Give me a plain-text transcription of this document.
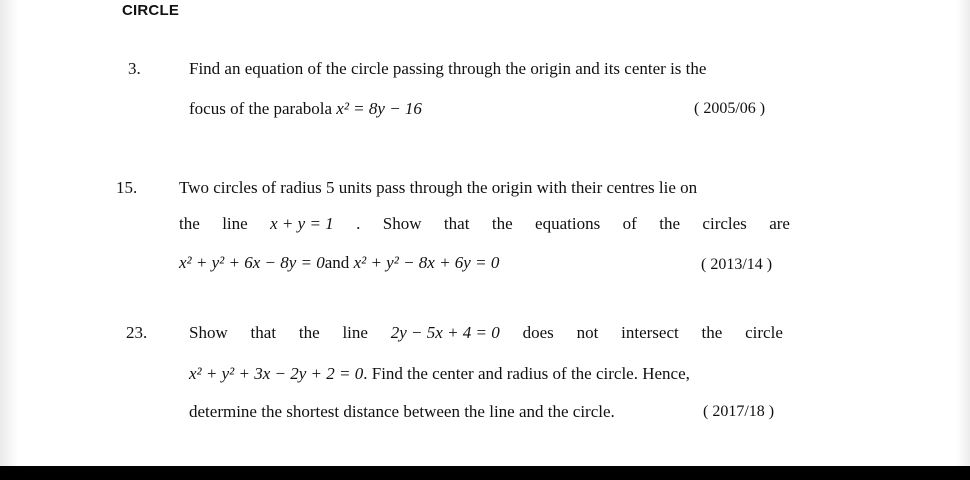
CIRCLE
3.	Find an equation of the circle passing through the origin and its center is the
focus of the parabola x² = 8y − 16	( 2005/06 )
15. Two circles of radius 5 units pass through the origin with their centres lie on
the line x + y = 1 . Show that the equations of the circles are
x² + y² + 6x − 8y = 0and x² + y² − 8x + 6y = 0	( 2013/14 )
23. Show that the line 2y − 5x + 4 = 0 does not intersect the circle
x² + y² + 3x − 2y + 2 = 0. Find the center and radius of the circle. Hence,
determine the shortest distance between the line and the circle.	( 2017/18 )
